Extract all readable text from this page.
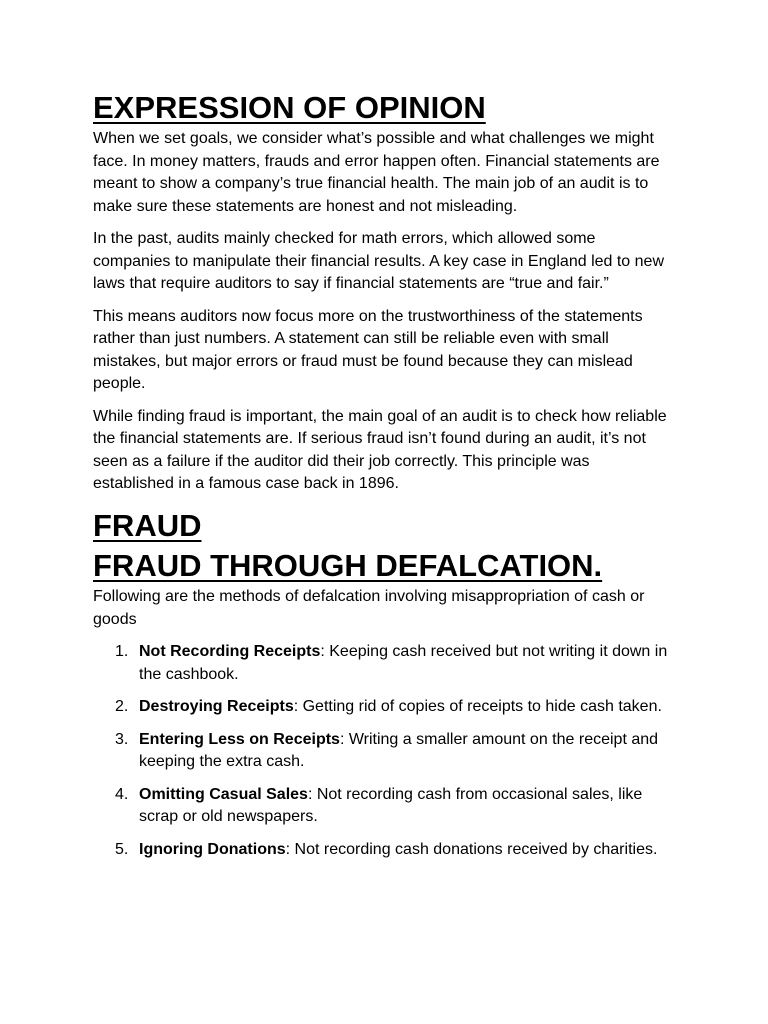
EXPRESSION OF OPINION

When we set goals, we consider what’s possible and what challenges we might face. In money matters, frauds and error happen often. Financial statements are meant to show a company’s true financial health. The main job of an audit is to make sure these statements are honest and not misleading.

In the past, audits mainly checked for math errors, which allowed some companies to manipulate their financial results. A key case in England led to new laws that require auditors to say if financial statements are “true and fair.”

This means auditors now focus more on the trustworthiness of the statements rather than just numbers. A statement can still be reliable even with small mistakes, but major errors or fraud must be found because they can mislead people.

While finding fraud is important, the main goal of an audit is to check how reliable the financial statements are. If serious fraud isn’t found during an audit, it’s not seen as a failure if the auditor did their job correctly. This principle was established in a famous case back in 1896.

FRAUD
FRAUD THROUGH DEFALCATION.

Following are the methods of defalcation involving misappropriation of cash or goods

1. Not Recording Receipts: Keeping cash received but not writing it down in the cashbook.
2. Destroying Receipts: Getting rid of copies of receipts to hide cash taken.
3. Entering Less on Receipts: Writing a smaller amount on the receipt and keeping the extra cash.
4. Omitting Casual Sales: Not recording cash from occasional sales, like scrap or old newspapers.
5. Ignoring Donations: Not recording cash donations received by charities.
